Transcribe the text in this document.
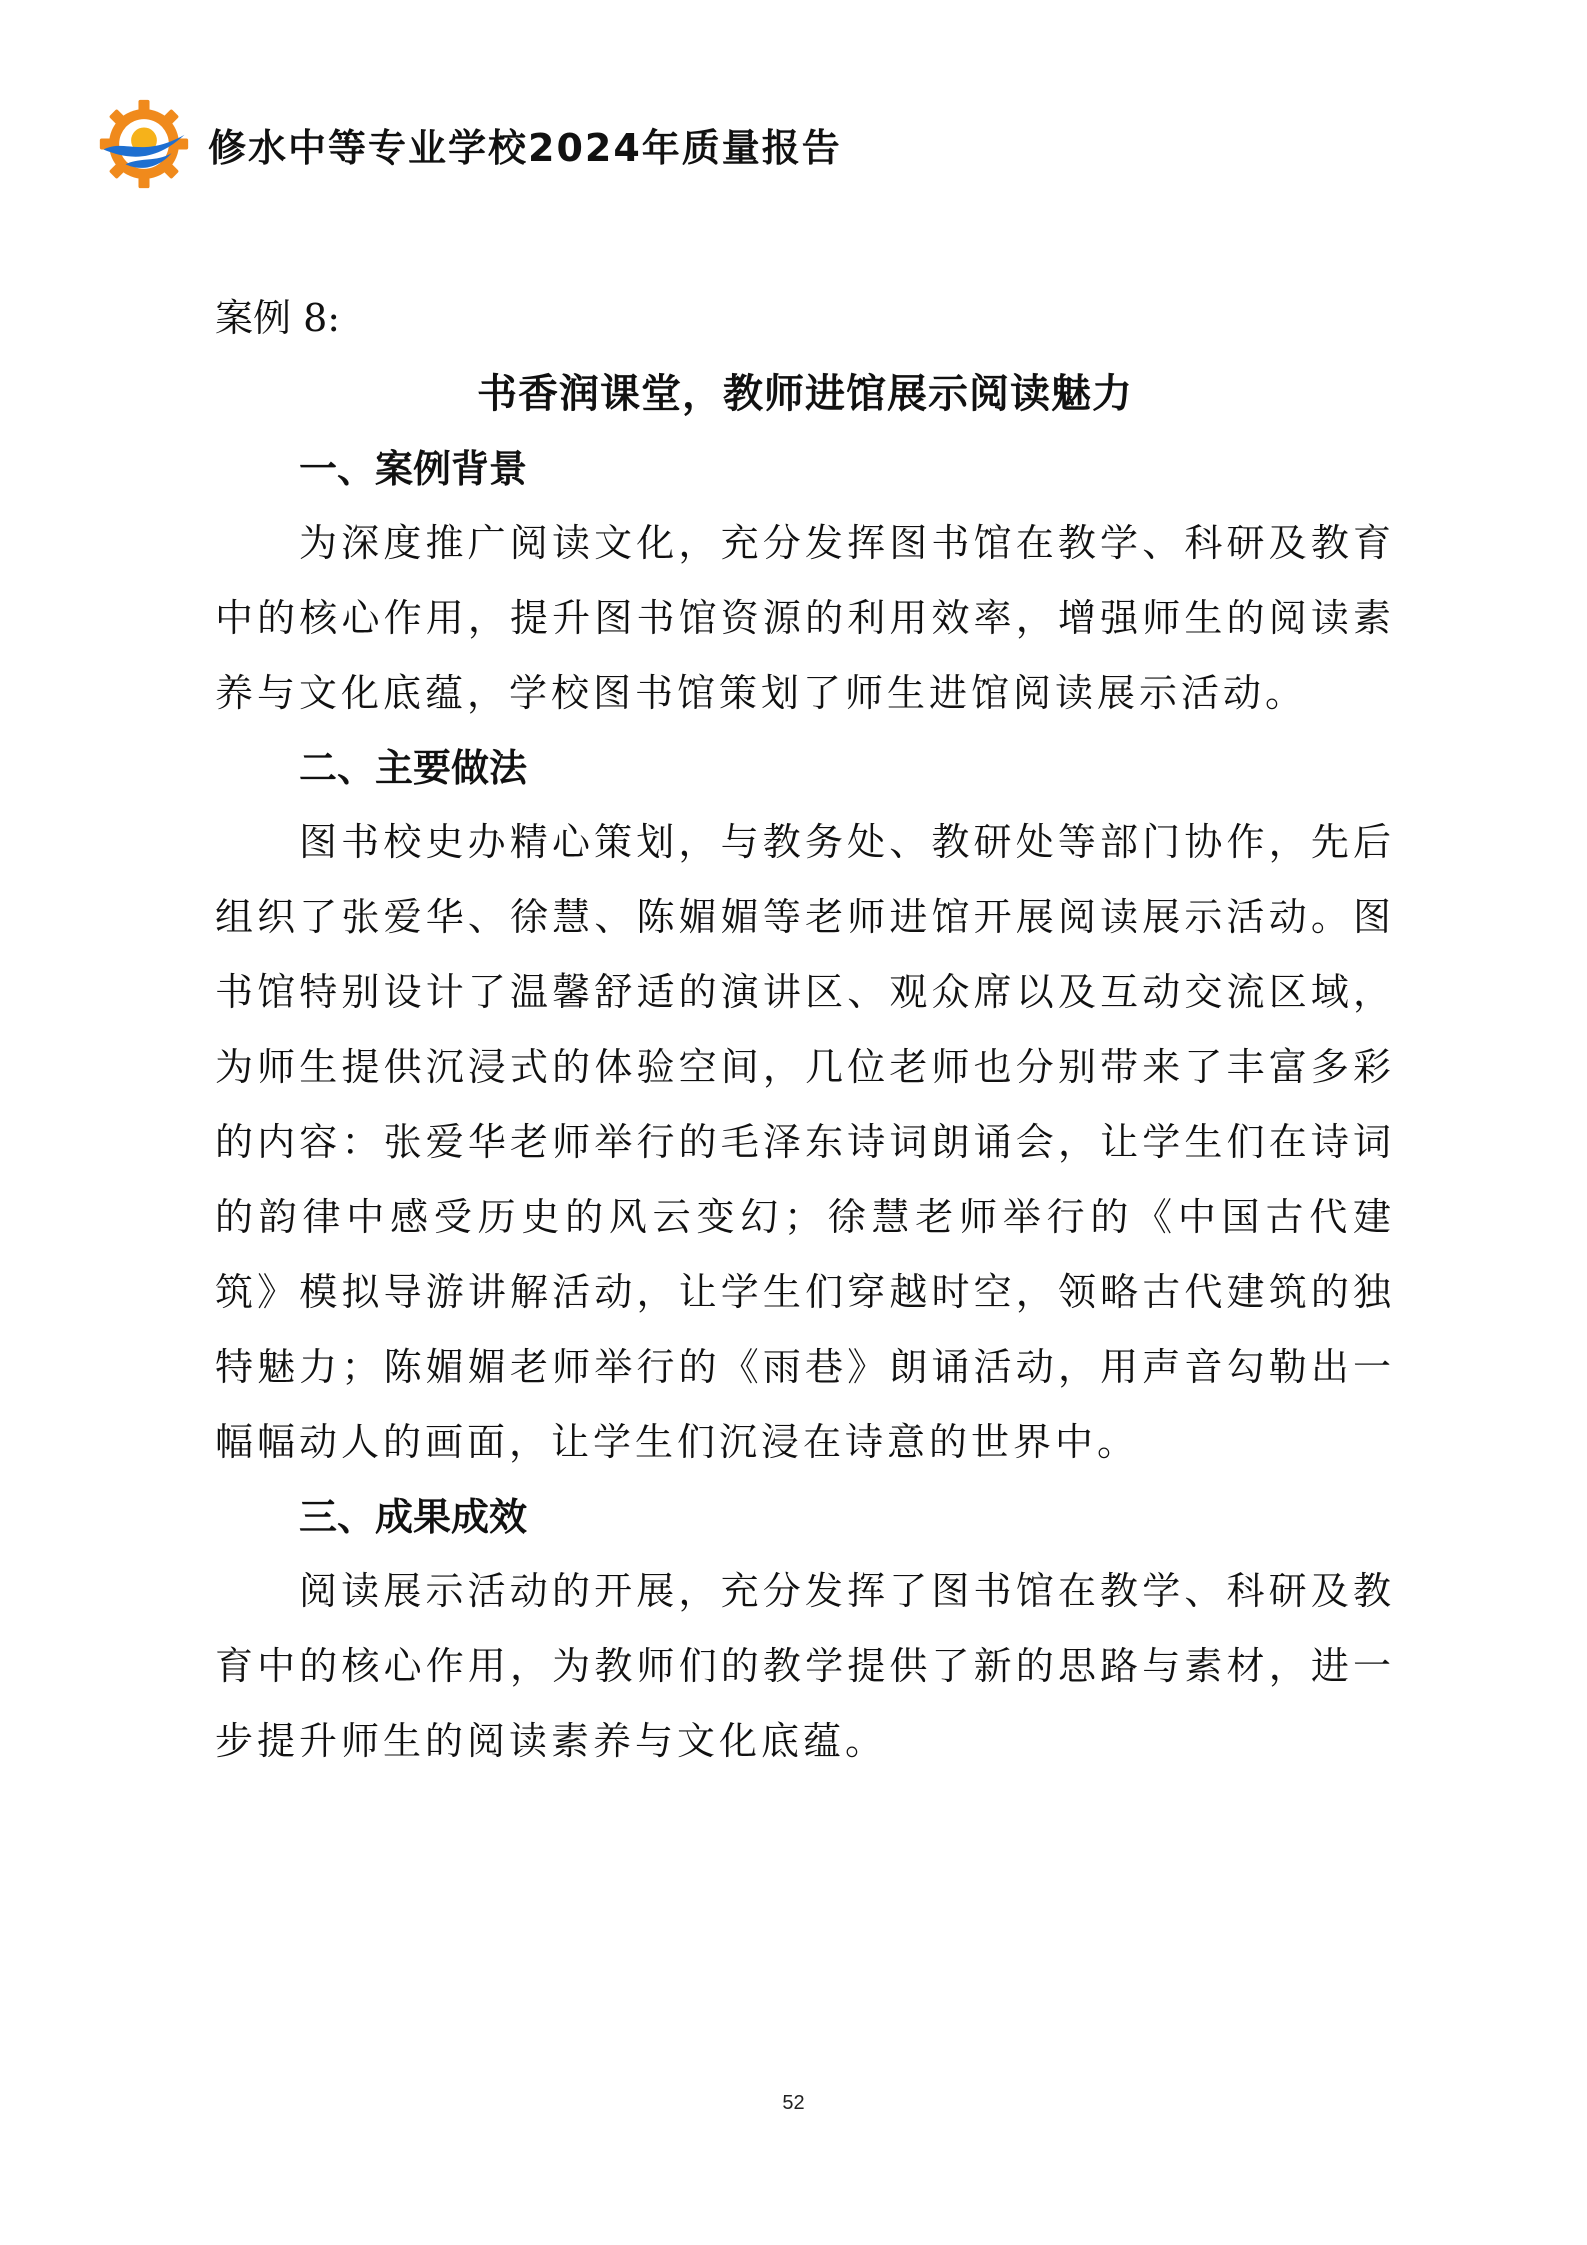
修水中等专业学校2024年质量报告

案例 8:

书香润课堂，教师进馆展示阅读魅力
一、案例背景

为深度推广阅读文化，充分发挥图书馆在教学、科研及教育中的核心作用，提升图书馆资源的利用效率，增强师生的阅读素养与文化底蕴，学校图书馆策划了师生进馆阅读展示活动。

二、主要做法

图书校史办精心策划，与教务处、教研处等部门协作，先后组织了张爱华、徐慧、陈媚媚等老师进馆开展阅读展示活动。图书馆特别设计了温馨舒适的演讲区、观众席以及互动交流区域，为师生提供沉浸式的体验空间，几位老师也分别带来了丰富多彩的内容：张爱华老师举行的毛泽东诗词朗诵会，让学生们在诗词的韵律中感受历史的风云变幻；徐慧老师举行的《中国古代建筑》模拟导游讲解活动，让学生们穿越时空，领略古代建筑的独特魅力；陈媚媚老师举行的《雨巷》朗诵活动，用声音勾勒出一幅幅动人的画面，让学生们沉浸在诗意的世界中。

三、成果成效

阅读展示活动的开展，充分发挥了图书馆在教学、科研及教育中的核心作用，为教师们的教学提供了新的思路与素材，进一步提升师生的阅读素养与文化底蕴。

52
